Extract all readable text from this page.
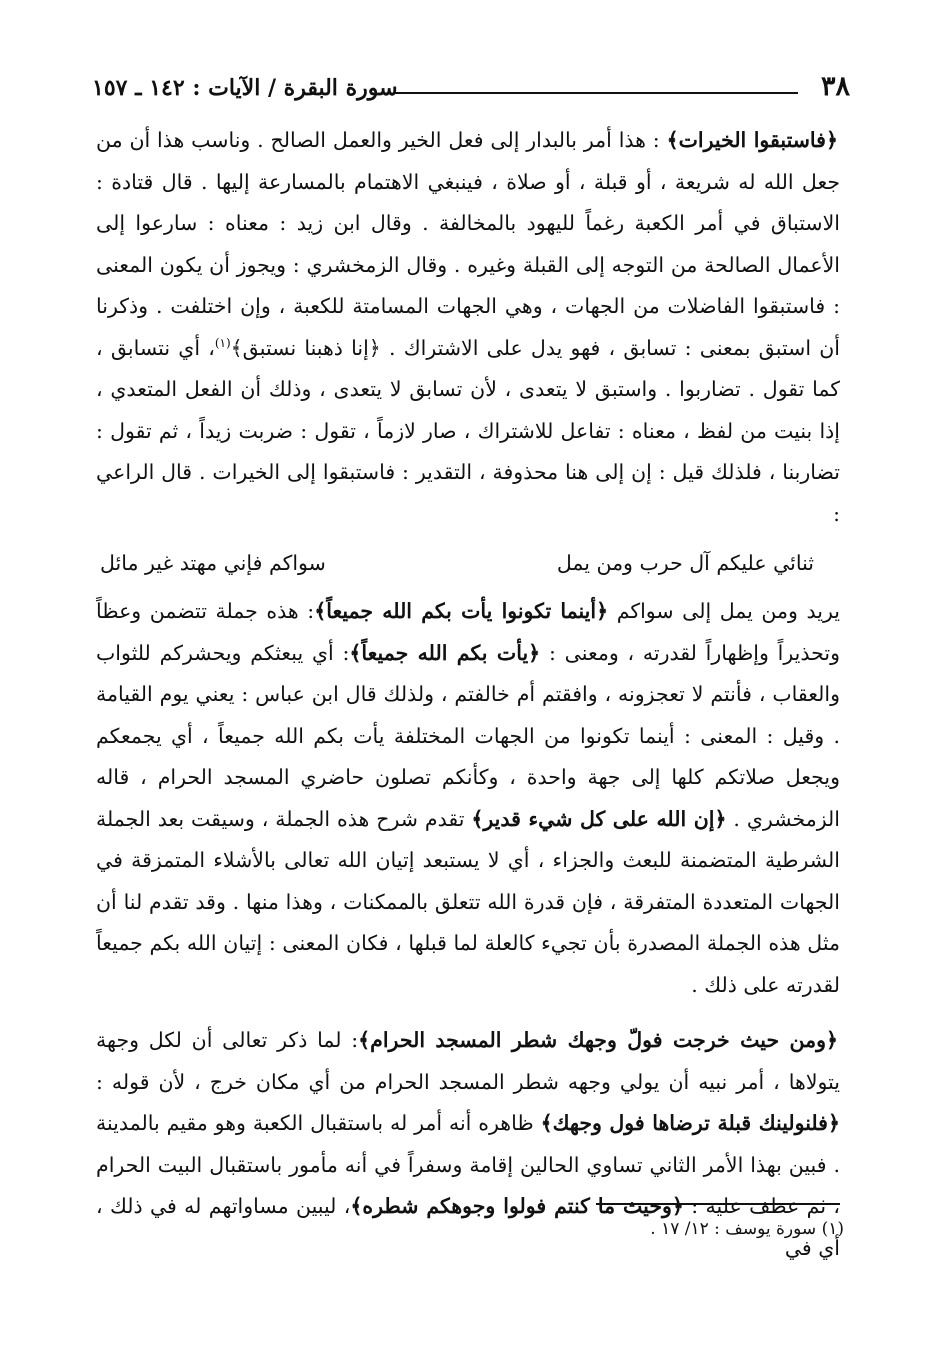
٣٨
سورة البقرة / الآيات : ١٤٢ ـ ١٥٧

﴿فاستبقوا الخيرات﴾ : هذا أمر بالبدار إلى فعل الخير والعمل الصالح . وناسب هذا أن من جعل الله له شريعة ، أو قبلة ، أو صلاة ، فينبغي الاهتمام بالمسارعة إليها . قال قتادة : الاستباق في أمر الكعبة رغماً لليهود بالمخالفة . وقال ابن زيد : معناه : سارعوا إلى الأعمال الصالحة من التوجه إلى القبلة وغيره . وقال الزمخشري : ويجوز أن يكون المعنى : فاستبقوا الفاضلات من الجهات ، وهي الجهات المسامتة للكعبة ، وإن اختلفت . وذكرنا أن استبق بمعنى : تسابق ، فهو يدل على الاشتراك . ﴿إنا ذهبنا نستبق﴾$^{(١)}$، أي نتسابق ، كما تقول . تضاربوا . واستبق لا يتعدى ، لأن تسابق لا يتعدى ، وذلك أن الفعل المتعدي ، إذا بنيت من لفظ ، معناه : تفاعل للاشتراك ، صار لازماً ، تقول : ضربت زيداً ، ثم تقول : تضاربنا ، فلذلك قيل : إن إلى هنا محذوفة ، التقدير : فاستبقوا إلى الخيرات . قال الراعي :

ثنائي عليكم آل حرب ومن يمل
سواكم فإني مهتد غير مائل

يريد ومن يمل إلى سواكم ﴿أينما تكونوا يأت بكم الله جميعاً﴾: هذه جملة تتضمن وعظاً وتحذيراً وإظهاراً لقدرته ، ومعنى : ﴿يأت بكم الله جميعاً﴾: أي يبعثكم ويحشركم للثواب والعقاب ، فأنتم لا تعجزونه ، وافقتم أم خالفتم ، ولذلك قال ابن عباس : يعني يوم القيامة . وقيل : المعنى : أينما تكونوا من الجهات المختلفة يأت بكم الله جميعاً ، أي يجمعكم ويجعل صلاتكم كلها إلى جهة واحدة ، وكأنكم تصلون حاضري المسجد الحرام ، قاله الزمخشري . ﴿إن الله على كل شيء قدير﴾ تقدم شرح هذه الجملة ، وسيقت بعد الجملة الشرطية المتضمنة للبعث والجزاء ، أي لا يستبعد إتيان الله تعالى بالأشلاء المتمزقة في الجهات المتعددة المتفرقة ، فإن قدرة الله تتعلق بالممكنات ، وهذا منها . وقد تقدم لنا أن مثل هذه الجملة المصدرة بأن تجيء كالعلة لما قبلها ، فكان المعنى : إتيان الله بكم جميعاً لقدرته على ذلك .

﴿ومن حيث خرجت فولّ وجهك شطر المسجد الحرام﴾: لما ذكر تعالى أن لكل وجهة يتولاها ، أمر نبيه أن يولي وجهه شطر المسجد الحرام من أي مكان خرج ، لأن قوله : ﴿فلنولينك قبلة ترضاها فول وجهك﴾ ظاهره أنه أمر له باستقبال الكعبة وهو مقيم بالمدينة . فبين بهذا الأمر الثاني تساوي الحالين إقامة وسفراً في أنه مأمور باستقبال البيت الحرام ، ثم عطف عليه : ﴿وحيث ما كنتم فولوا وجوهكم شطره﴾، ليبين مساواتهم له في ذلك ، أي في

(١) سورة يوسف : ١٢/ ١٧ .
